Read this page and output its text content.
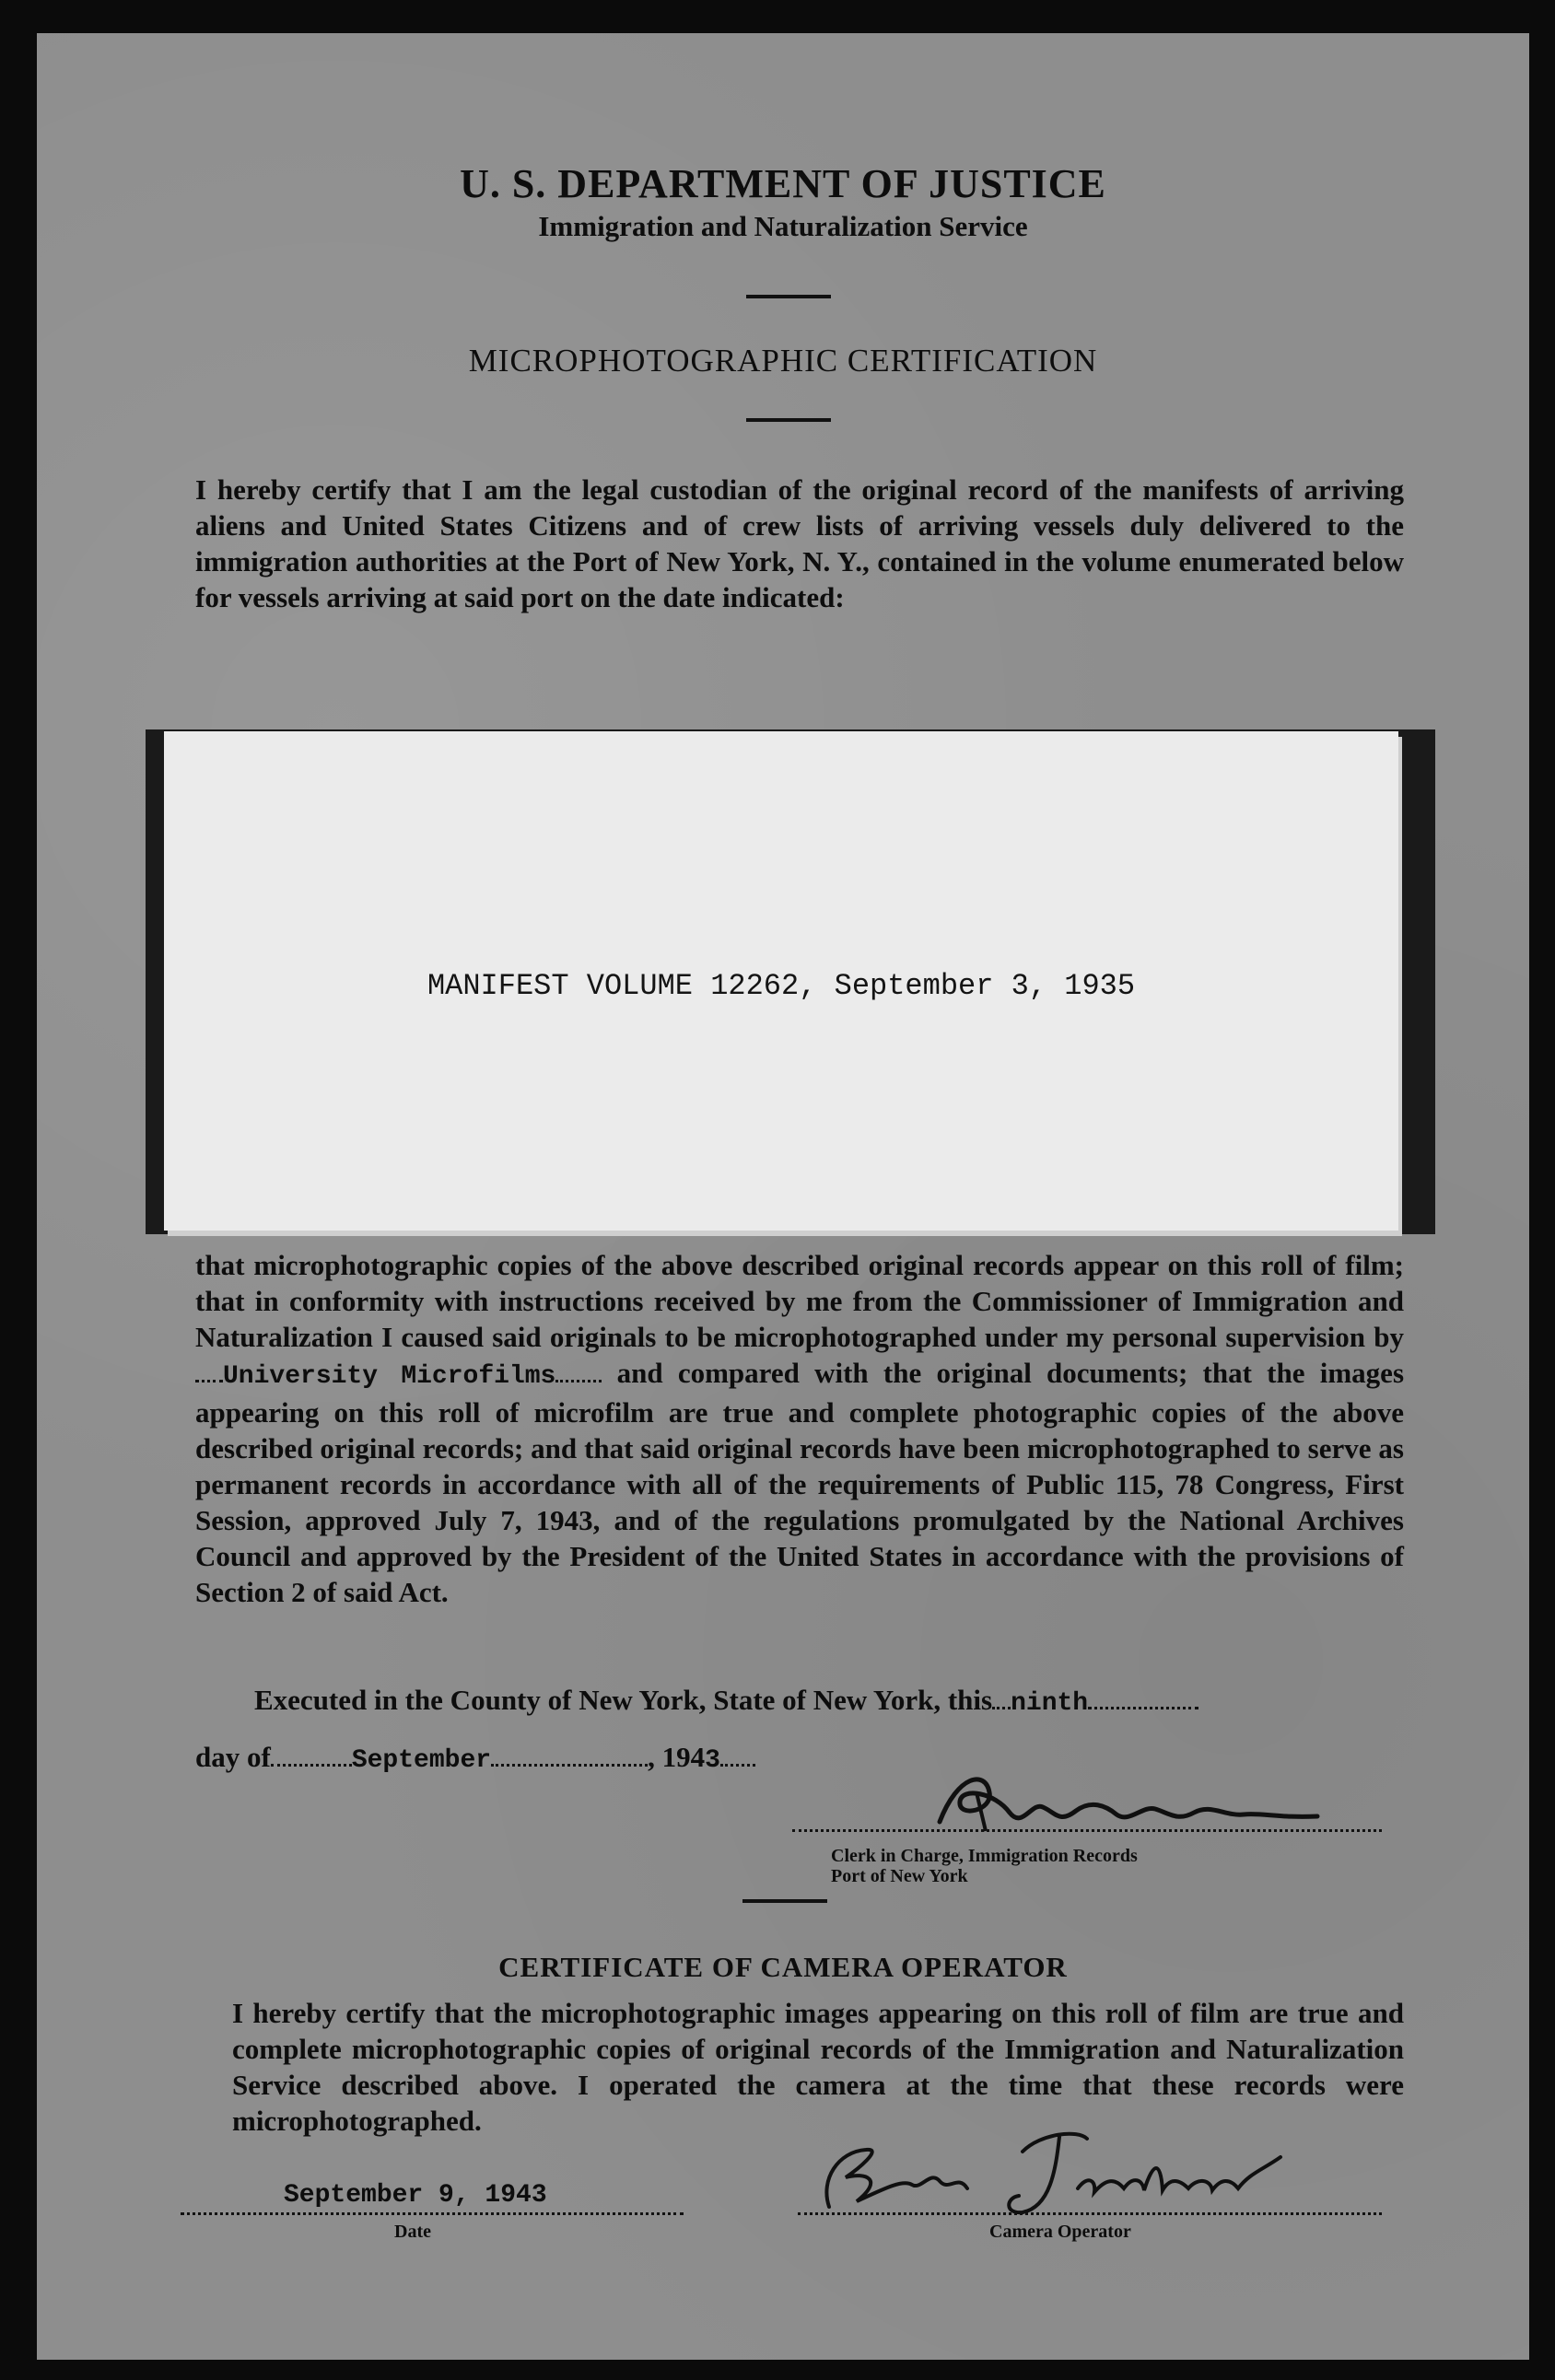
U. S. DEPARTMENT OF JUSTICE
Immigration and Naturalization Service
MICROPHOTOGRAPHIC CERTIFICATION
I hereby certify that I am the legal custodian of the original record of the manifests of arriving aliens and United States Citizens and of crew lists of arriving vessels duly delivered to the immigration authorities at the Port of New York, N. Y., contained in the volume enumerated below for vessels arriving at said port on the date indicated:
MANIFEST VOLUME 12262, September 3, 1935
that microphotographic copies of the above described original records appear on this roll of film; that in conformity with instructions received by me from the Commissioner of Immigration and Naturalization I caused said originals to be microphotographed under my personal supervision by University Microfilms and compared with the original documents; that the images appearing on this roll of microfilm are true and complete photographic copies of the above described original records; and that said original records have been microphotographed to serve as permanent records in accordance with all of the requirements of Public 115, 78 Congress, First Session, approved July 7, 1943, and of the regulations promulgated by the National Archives Council and approved by the President of the United States in accordance with the provisions of Section 2 of said Act.
Executed in the County of New York, State of New York, this ninth
day of	September	, 1943
Clerk in Charge, Immigration Records
Port of New York
CERTIFICATE OF CAMERA OPERATOR
I hereby certify that the microphotographic images appearing on this roll of film are true and complete microphotographic copies of original records of the Immigration and Naturalization Service described above. I operated the camera at the time that these records were microphotographed.
September 9, 1943
Date	Camera Operator
